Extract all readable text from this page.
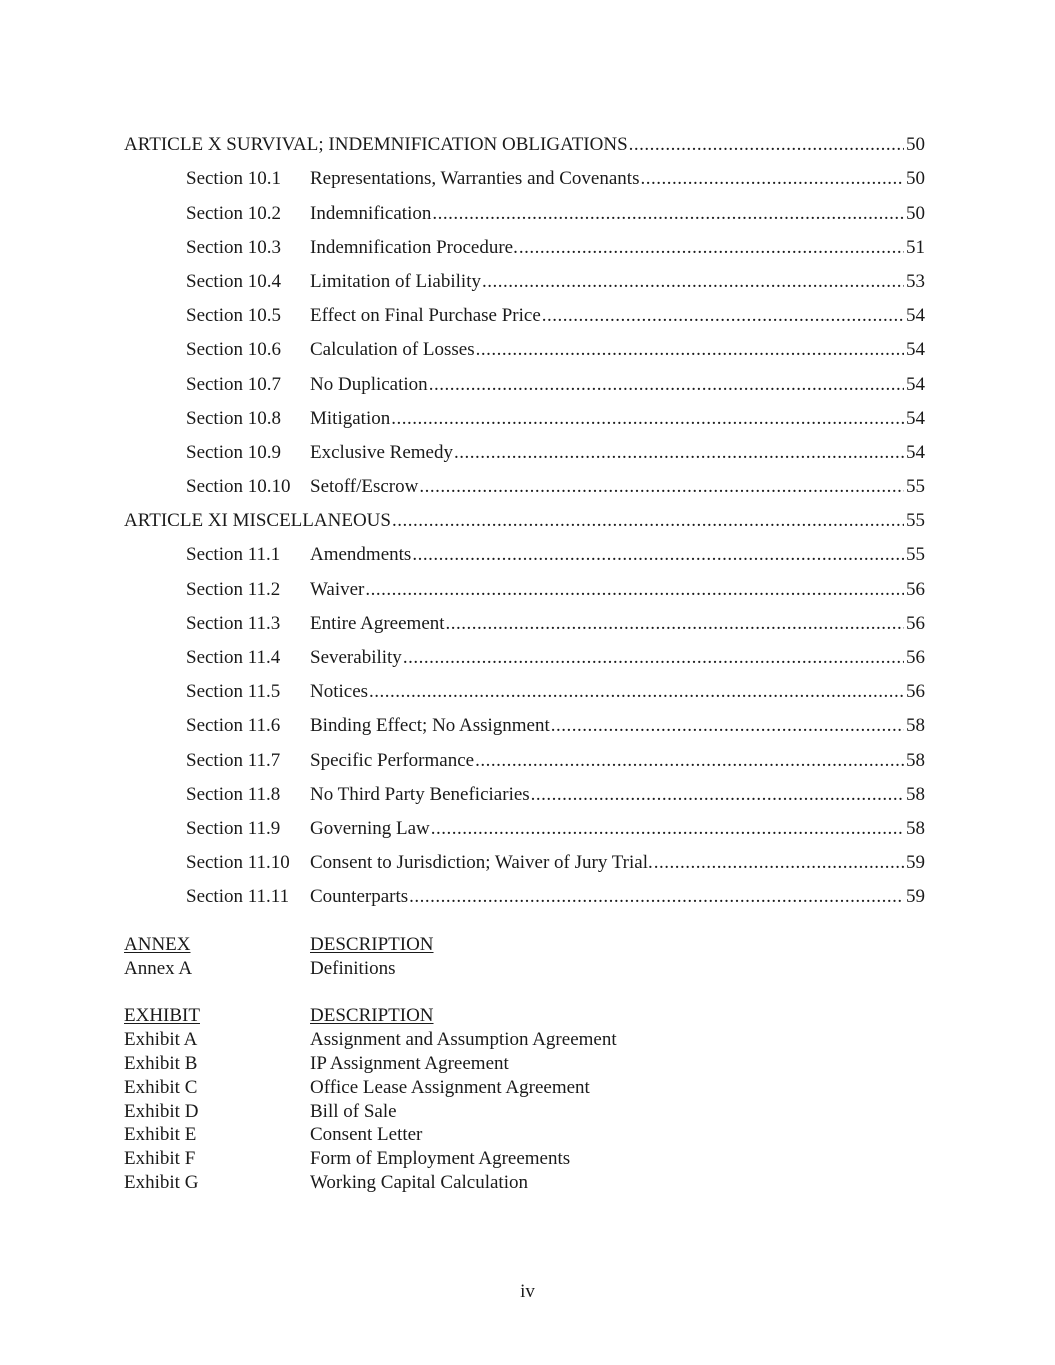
ARTICLE X SURVIVAL; INDEMNIFICATION OBLIGATIONS .....	50
Section 10.1	Representations, Warranties and Covenants .....	50
Section 10.2	Indemnification .....	50
Section 10.3	Indemnification Procedure. .....	51
Section 10.4	Limitation of Liability .....	53
Section 10.5	Effect on Final Purchase Price .....	54
Section 10.6	Calculation of Losses .....	54
Section 10.7	No Duplication .....	54
Section 10.8	Mitigation .....	54
Section 10.9	Exclusive Remedy .....	54
Section 10.10	Setoff/Escrow .....	55
ARTICLE XI MISCELLANEOUS .....	55
Section 11.1	Amendments .....	55
Section 11.2	Waiver .....	56
Section 11.3	Entire Agreement .....	56
Section 11.4	Severability .....	56
Section 11.5	Notices .....	56
Section 11.6	Binding Effect; No Assignment .....	58
Section 11.7	Specific Performance .....	58
Section 11.8	No Third Party Beneficiaries .....	58
Section 11.9	Governing Law .....	58
Section 11.10	Consent to Jurisdiction; Waiver of Jury Trial. .....	59
Section 11.11	Counterparts .....	59
ANNEX	DESCRIPTION
Annex A	Definitions
EXHIBIT	DESCRIPTION
Exhibit A	Assignment and Assumption Agreement
Exhibit B	IP Assignment Agreement
Exhibit C	Office Lease Assignment Agreement
Exhibit D	Bill of Sale
Exhibit E	Consent Letter
Exhibit F	Form of Employment Agreements
Exhibit G	Working Capital Calculation
iv
